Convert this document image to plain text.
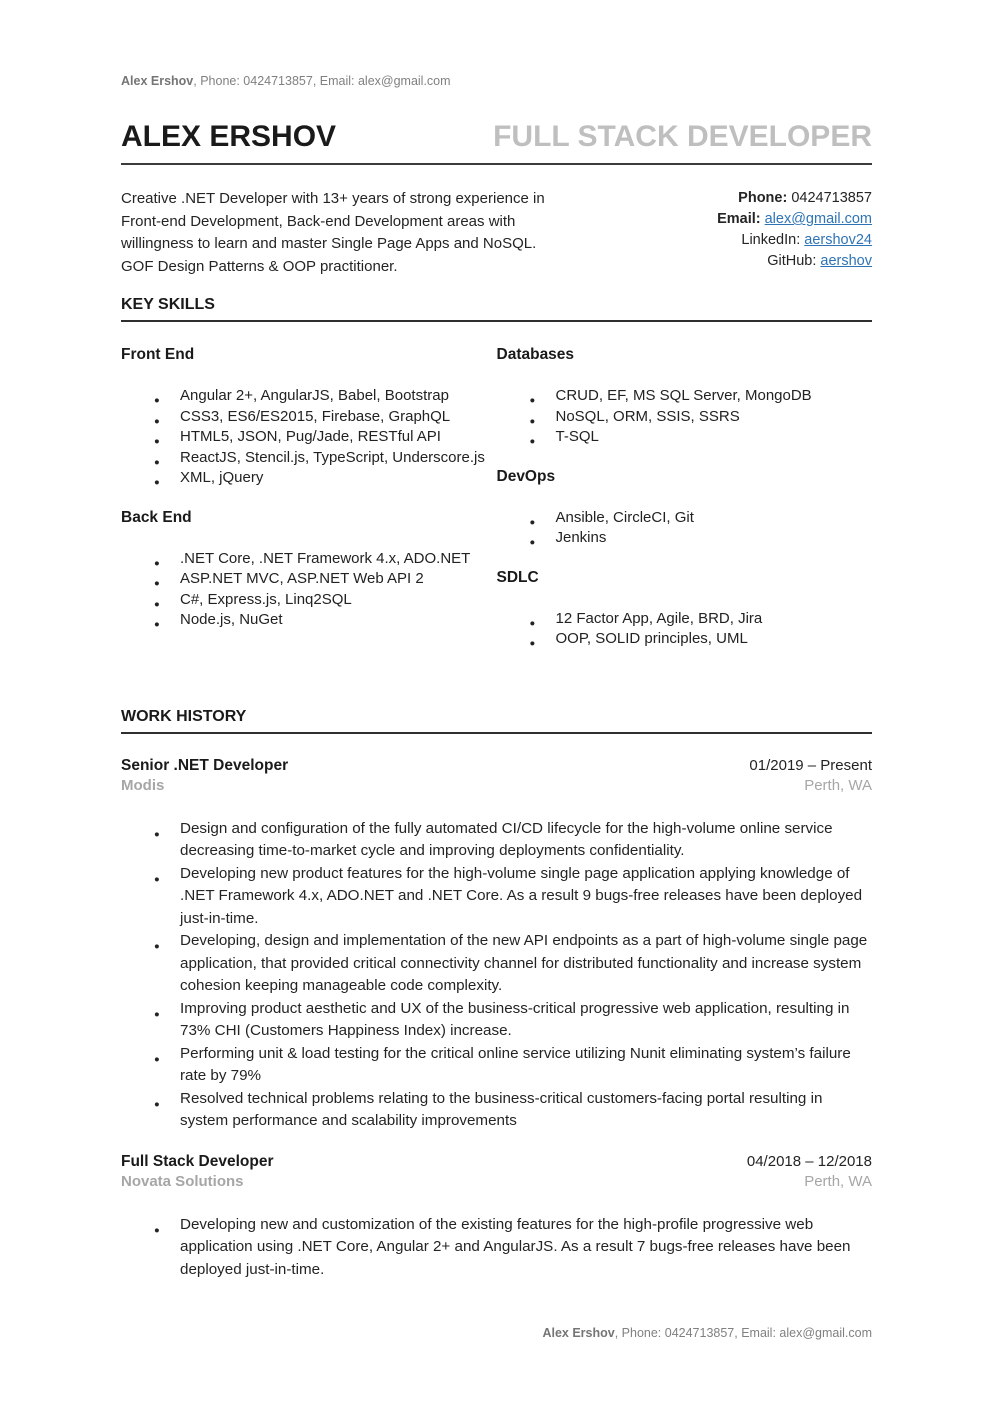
Alex Ershov, Phone: 0424713857, Email: alex@gmail.com
ALEX ERSHOV	FULL STACK DEVELOPER
Creative .NET Developer with 13+ years of strong experience in Front-end Development, Back-end Development areas with willingness to learn and master Single Page Apps and NoSQL. GOF Design Patterns & OOP practitioner.
Phone: 0424713857
Email: alex@gmail.com
LinkedIn: aershov24
GitHub: aershov
KEY SKILLS
Front End
● Angular 2+, AngularJS, Babel, Bootstrap
● CSS3, ES6/ES2015, Firebase, GraphQL
● HTML5, JSON, Pug/Jade, RESTful API
● ReactJS, Stencil.js, TypeScript, Underscore.js
● XML, jQuery
Back End
● .NET Core, .NET Framework 4.x, ADO.NET
● ASP.NET MVC, ASP.NET Web API 2
● C#, Express.js, Linq2SQL
● Node.js, NuGet
Databases
● CRUD, EF, MS SQL Server, MongoDB
● NoSQL, ORM, SSIS, SSRS
● T-SQL
DevOps
● Ansible, CircleCI, Git
● Jenkins
SDLC
● 12 Factor App, Agile, BRD, Jira
● OOP, SOLID principles, UML
WORK HISTORY
Senior .NET Developer	01/2019 – Present
Modis	Perth, WA
● Design and configuration of the fully automated CI/CD lifecycle for the high-volume online service decreasing time-to-market cycle and improving deployments confidentiality.
● Developing new product features for the high-volume single page application applying knowledge of .NET Framework 4.x, ADO.NET and .NET Core. As a result 9 bugs-free releases have been deployed just-in-time.
● Developing, design and implementation of the new API endpoints as a part of high-volume single page application, that provided critical connectivity channel for distributed functionality and increase system cohesion keeping manageable code complexity.
● Improving product aesthetic and UX of the business-critical progressive web application, resulting in 73% CHI (Customers Happiness Index) increase.
● Performing unit & load testing for the critical online service utilizing Nunit eliminating system’s failure rate by 79%
● Resolved technical problems relating to the business-critical customers-facing portal resulting in system performance and scalability improvements
Full Stack Developer	04/2018 – 12/2018
Novata Solutions	Perth, WA
● Developing new and customization of the existing features for the high-profile progressive web application using .NET Core, Angular 2+ and AngularJS. As a result 7 bugs-free releases have been deployed just-in-time.
Alex Ershov, Phone: 0424713857, Email: alex@gmail.com
